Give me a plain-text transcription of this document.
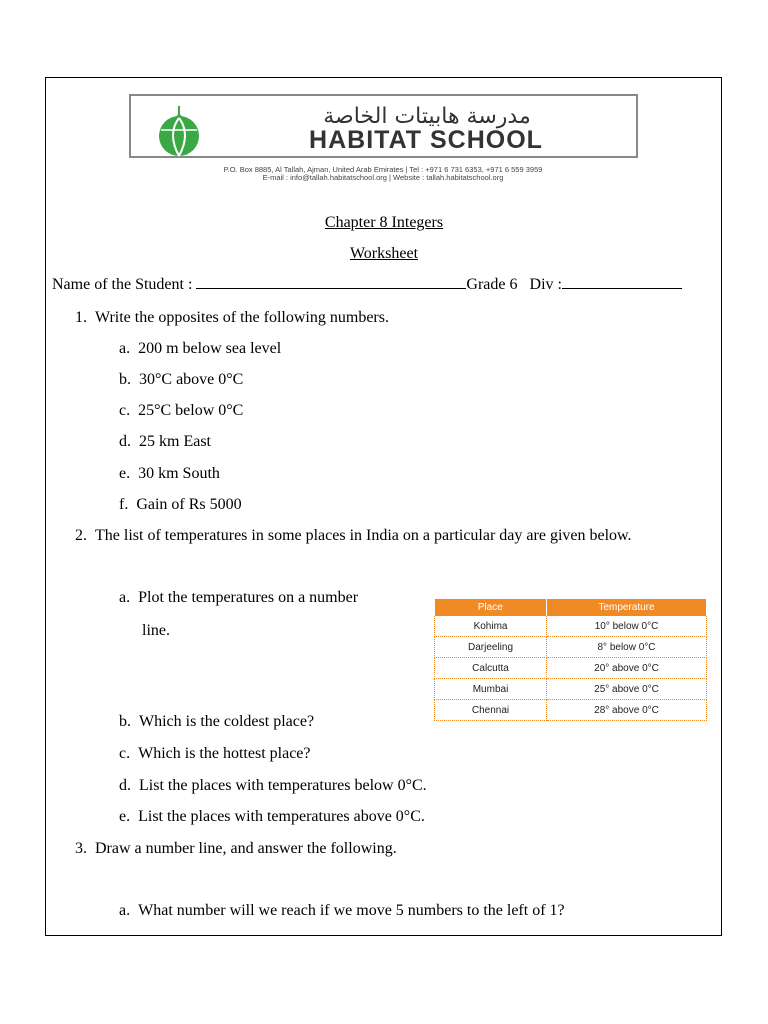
مدرسة هابيتات الخاصة
HABITAT SCHOOL
P.O. Box 8885, Al Tallah, Ajman, United Arab Emirates | Tel : +971 6 731 6353, +971 6 559 3959
E-mail : info@tallah.habitatschool.org | Website : tallah.habitatschool.org
Chapter 8 Integers
Worksheet
Name of the Student :	Grade 6 Div :
1. Write the opposites of the following numbers.
a. 200 m below sea level
b. 30°C above 0°C
c. 25°C below 0°C
d. 25 km East
e. 30 km South
f. Gain of Rs 5000
2. The list of temperatures in some places in India on a particular day are given below.
a. Plot the temperatures on a number
line.
Place	Temperature
Kohima	10° below 0°C
Darjeeling	8° below 0°C
Calcutta	20° above 0°C
Mumbai	25° above 0°C
Chennai	28° above 0°C
b. Which is the coldest place?
c. Which is the hottest place?
d. List the places with temperatures below 0°C.
e. List the places with temperatures above 0°C.
3. Draw a number line, and answer the following.
a. What number will we reach if we move 5 numbers to the left of 1?
